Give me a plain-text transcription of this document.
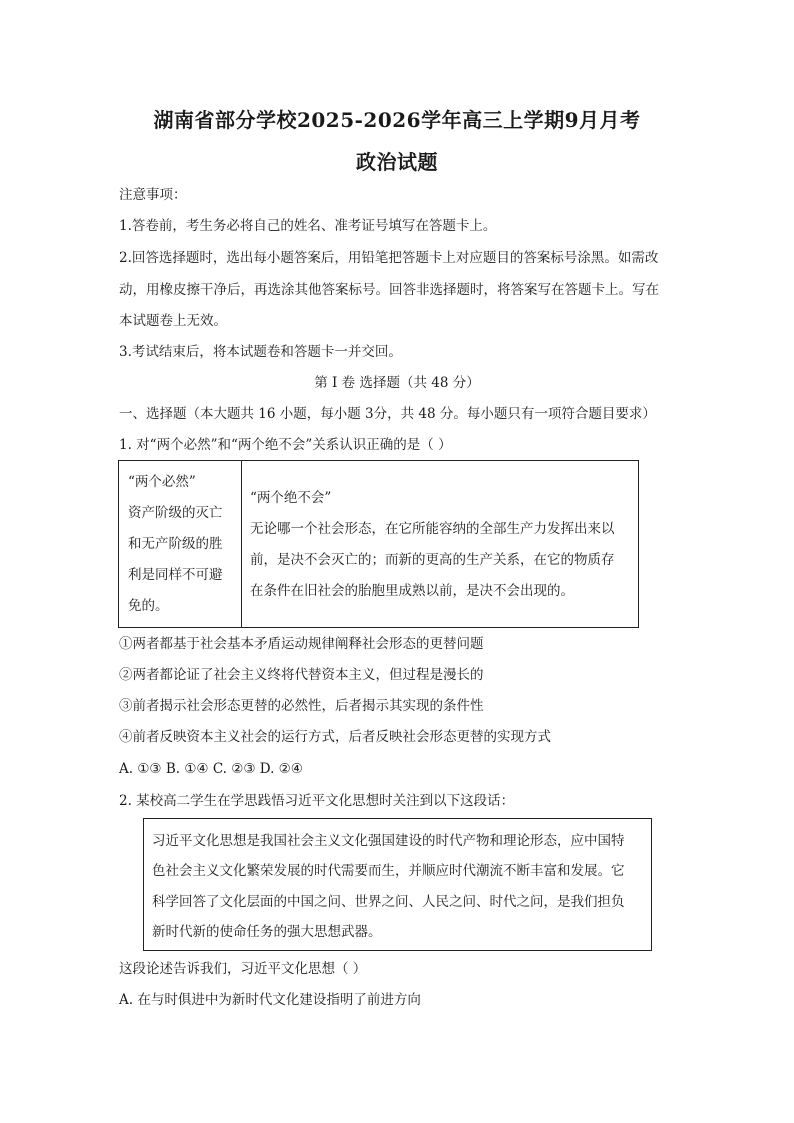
湖南省部分学校2025-2026学年高三上学期9月月考
政治试题
注意事项：
1.答卷前，考生务必将自己的姓名、准考证号填写在答题卡上。
2.回答选择题时，选出每小题答案后，用铅笔把答题卡上对应题目的答案标号涂黑。如需改
动，用橡皮擦干净后，再选涂其他答案标号。回答非选择题时，将答案写在答题卡上。写在
本试题卷上无效。
3.考试结束后，将本试题卷和答题卡一并交回。
第 I 卷 选择题（共 48 分）
一、选择题（本大题共 16 小题，每小题 3分，共 48 分。每小题只有一项符合题目要求）
1. 对“两个必然”和“两个绝不会”关系认识正确的是（ ）
“两个必然”
资产阶级的灭亡
和无产阶级的胜
利是同样不可避
免的。
“两个绝不会”
无论哪一个社会形态，在它所能容纳的全部生产力发挥出来以
前，是决不会灭亡的；而新的更高的生产关系，在它的物质存
在条件在旧社会的胎胞里成熟以前，是决不会出现的。
①两者都基于社会基本矛盾运动规律阐释社会形态的更替问题
②两者都论证了社会主义终将代替资本主义，但过程是漫长的
③前者揭示社会形态更替的必然性，后者揭示其实现的条件性
④前者反映资本主义社会的运行方式，后者反映社会形态更替的实现方式
A. ①③ B. ①④ C. ②③ D. ②④
2. 某校高二学生在学思践悟习近平文化思想时关注到以下这段话：
习近平文化思想是我国社会主义文化强国建设的时代产物和理论形态，应中国特
色社会主义文化繁荣发展的时代需要而生，并顺应时代潮流不断丰富和发展。它
科学回答了文化层面的中国之问、世界之问、人民之问、时代之问，是我们担负
新时代新的使命任务的强大思想武器。
这段论述告诉我们，习近平文化思想（ ）
A. 在与时俱进中为新时代文化建设指明了前进方向
